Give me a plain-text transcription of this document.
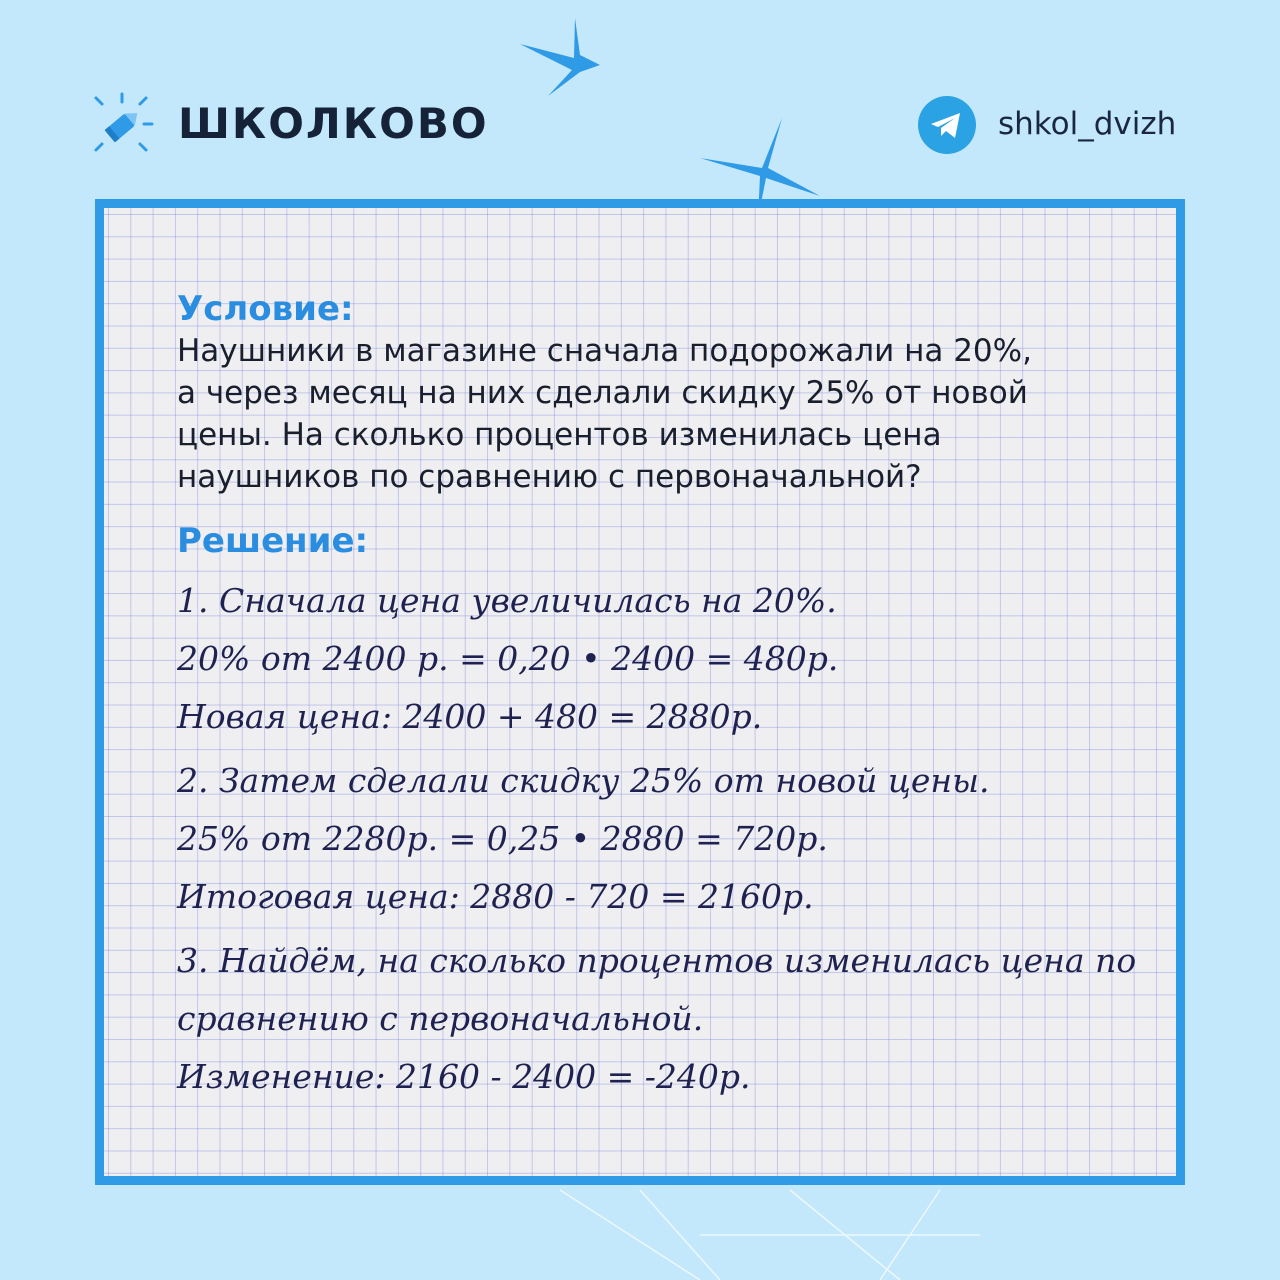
ШКОЛКОВО	shkol_dvizh
Условие:
Наушники в магазине сначала подорожали на 20%,
а через месяц на них сделали скидку 25% от новой
цены. На сколько процентов изменилась цена
наушников по сравнению с первоначальной?
Решение:
1. Сначала цена увеличилась на 20%.
20% от 2400 р. = 0,20 • 2400 = 480р.
Новая цена: 2400 + 480 = 2880р.
2. Затем сделали скидку 25% от новой цены.
25% от 2280р. = 0,25 • 2880 = 720р.
Итоговая цена: 2880 - 720 = 2160р.
3. Найдём, на сколько процентов изменилась цена по
сравнению с первоначальной.
Изменение: 2160 - 2400 = -240р.
